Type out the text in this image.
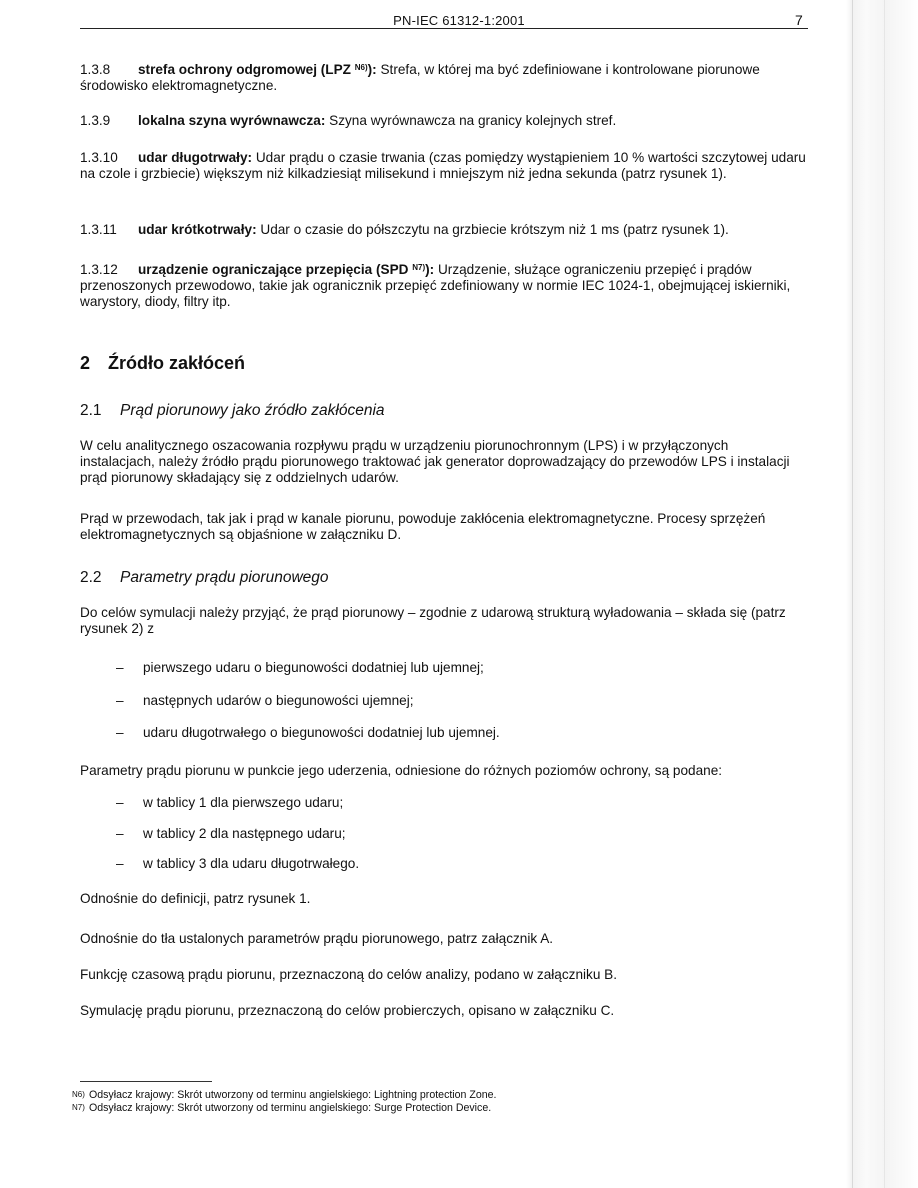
PN-IEC 61312-1:2001	7
1.3.8 strefa ochrony odgromowej (LPZ $^{N6)}$): Strefa, w której ma być zdefiniowane i kontrolowane piorunowe środowisko elektromagnetyczne.
1.3.9 lokalna szyna wyrównawcza: Szyna wyrównawcza na granicy kolejnych stref.
1.3.10 udar długotrwały: Udar prądu o czasie trwania (czas pomiędzy wystąpieniem 10 % wartości szczytowej udaru na czole i grzbiecie) większym niż kilkadziesiąt milisekund i mniejszym niż jedna sekunda (patrz rysunek 1).
1.3.11 udar krótkotrwały: Udar o czasie do półszczytu na grzbiecie krótszym niż 1 ms (patrz rysunek 1).
1.3.12 urządzenie ograniczające przepięcia (SPD $^{N7)}$): Urządzenie, służące ograniczeniu przepięć i prądów przenoszonych przewodowo, takie jak ogranicznik przepięć zdefiniowany w normie IEC 1024-1, obejmującej iskierniki, warystory, diody, filtry itp.
2 Źródło zakłóceń
2.1 Prąd piorunowy jako źródło zakłócenia
W celu analitycznego oszacowania rozpływu prądu w urządzeniu piorunochronnym (LPS) i w przyłączonych instalacjach, należy źródło prądu piorunowego traktować jak generator doprowadzający do przewodów LPS i instalacji prąd piorunowy składający się z oddzielnych udarów.
Prąd w przewodach, tak jak i prąd w kanale piorunu, powoduje zakłócenia elektromagnetyczne. Procesy sprzężeń elektromagnetycznych są objaśnione w załączniku D.
2.2 Parametry prądu piorunowego
Do celów symulacji należy przyjąć, że prąd piorunowy – zgodnie z udarową strukturą wyładowania – składa się (patrz rysunek 2) z
– pierwszego udaru o biegunowości dodatniej lub ujemnej;
– następnych udarów o biegunowości ujemnej;
– udaru długotrwałego o biegunowości dodatniej lub ujemnej.
Parametry prądu piorunu w punkcie jego uderzenia, odniesione do różnych poziomów ochrony, są podane:
– w tablicy 1 dla pierwszego udaru;
– w tablicy 2 dla następnego udaru;
– w tablicy 3 dla udaru długotrwałego.
Odnośnie do definicji, patrz rysunek 1.
Odnośnie do tła ustalonych parametrów prądu piorunowego, patrz załącznik A.
Funkcję czasową prądu piorunu, przeznaczoną do celów analizy, podano w załączniku B.
Symulację prądu piorunu, przeznaczoną do celów probierczych, opisano w załączniku C.
N6) Odsyłacz krajowy: Skrót utworzony od terminu angielskiego: Lightning protection Zone.
N7) Odsyłacz krajowy: Skrót utworzony od terminu angielskiego: Surge Protection Device.
